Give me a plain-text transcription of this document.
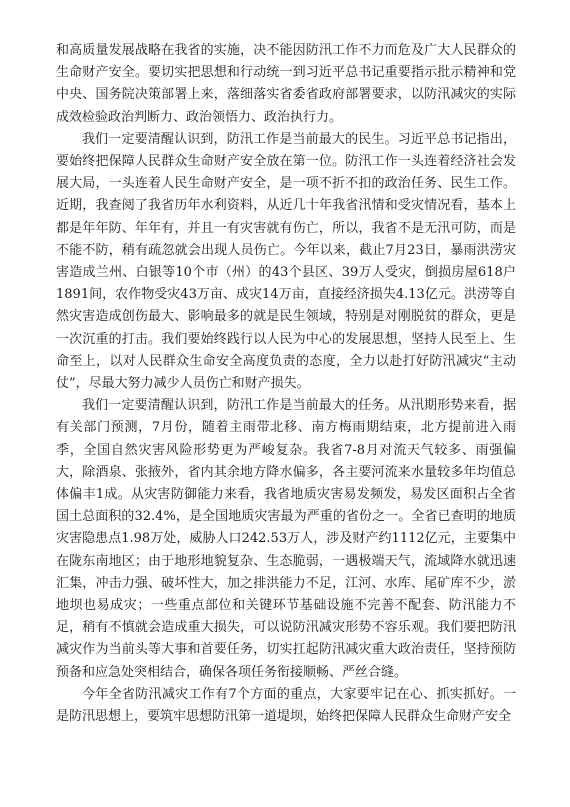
和高质量发展战略在我省的实施，决不能因防汛工作不力而危及广大人民群众的生命财产安全。要切实把思想和行动统一到习近平总书记重要指示批示精神和党中央、国务院决策部署上来，落细落实省委省政府部署要求，以防汛减灾的实际成效检验政治判断力、政治领悟力、政治执行力。

我们一定要清醒认识到，防汛工作是当前最大的民生。习近平总书记指出，要始终把保障人民群众生命财产安全放在第一位。防汛工作一头连着经济社会发展大局，一头连着人民生命财产安全，是一项不折不扣的政治任务、民生工作。近期，我查阅了我省历年水利资料，从近几十年我省汛情和受灾情况看，基本上都是年年防、年年有，并且一有灾害就有伤亡，所以，我省不是无汛可防，而是不能不防，稍有疏忽就会出现人员伤亡。今年以来，截止7月23日，暴雨洪涝灾害造成兰州、白银等10个市（州）的43个县区、39万人受灾，倒损房屋618户1891间，农作物受灾43万亩、成灾14万亩，直接经济损失4.13亿元。洪涝等自然灾害造成创伤最大、影响最多的就是民生领域，特别是对刚脱贫的群众，更是一次沉重的打击。我们要始终践行以人民为中心的发展思想，坚持人民至上、生命至上，以对人民群众生命安全高度负责的态度，全力以赴打好防汛减灾“主动仗”，尽最大努力减少人员伤亡和财产损失。

我们一定要清醒认识到，防汛工作是当前最大的任务。从汛期形势来看，据有关部门预测，7月份，随着主雨带北移、南方梅雨期结束，北方提前进入雨季，全国自然灾害风险形势更为严峻复杂。我省7-8月对流天气较多、雨强偏大，除酒泉、张掖外，省内其余地方降水偏多，各主要河流来水量较多年均值总体偏丰1成。从灾害防御能力来看，我省地质灾害易发频发，易发区面积占全省国土总面积的32.4%，是全国地质灾害最为严重的省份之一。全省已查明的地质灾害隐患点1.98万处，威胁人口242.53万人，涉及财产约1112亿元，主要集中在陇东南地区；由于地形地貌复杂、生态脆弱，一遇极端天气，流域降水就迅速汇集，冲击力强、破坏性大，加之排洪能力不足，江河、水库、尾矿库不少，淤地坝也易成灾；一些重点部位和关键环节基础设施不完善不配套、防汛能力不足，稍有不慎就会造成重大损失，可以说防汛减灾形势不容乐观。我们要把防汛减灾作为当前头等大事和首要任务，切实扛起防汛减灾重大政治责任，坚持预防预备和应急处突相结合，确保各项任务衔接顺畅、严丝合缝。

今年全省防汛减灾工作有7个方面的重点，大家要牢记在心、抓实抓好。一是防汛思想上，要筑牢思想防汛第一道堤坝，始终把保障人民群众生命财产安全
